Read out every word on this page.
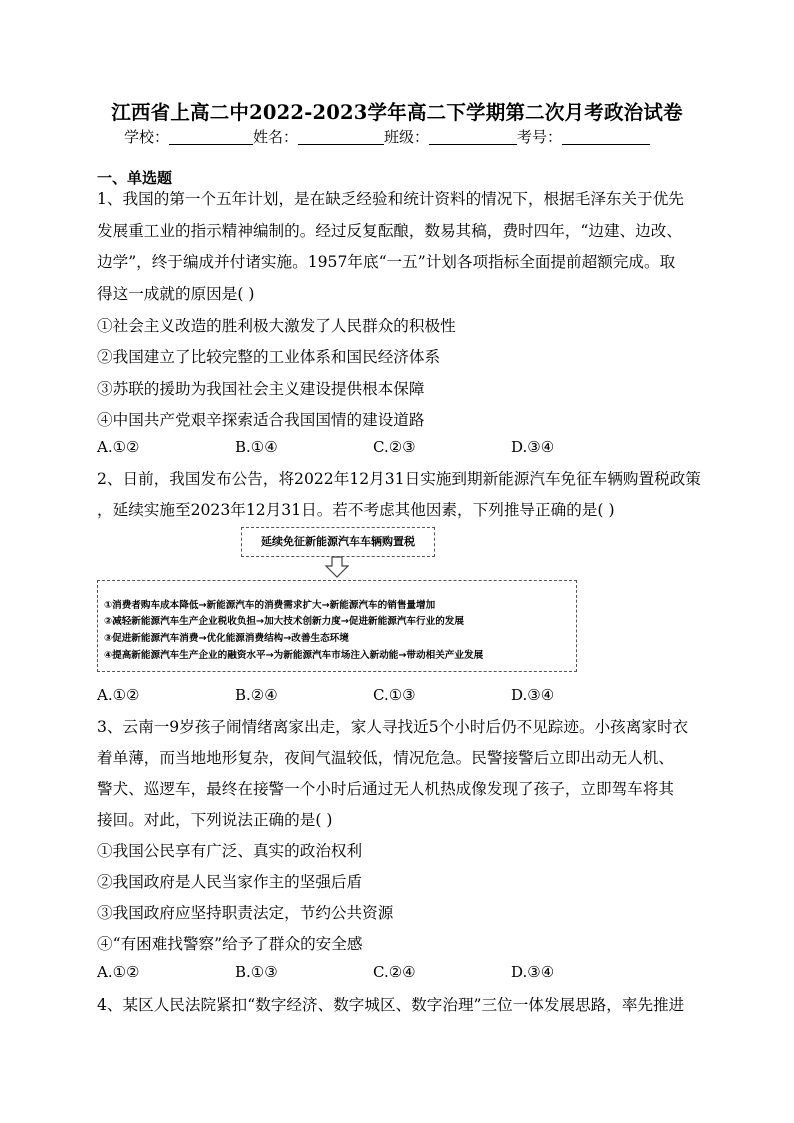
江西省上高二中2022-2023学年高二下学期第二次月考政治试卷
学校：	姓名：	班级：	考号：
一、单选题
1、我国的第一个五年计划，是在缺乏经验和统计资料的情况下，根据毛泽东关于优先
发展重工业的指示精神编制的。经过反复酝酿，数易其稿，费时四年，“边建、边改、
边学”，终于编成并付诸实施。1957年底“一五”计划各项指标全面提前超额完成。取
得这一成就的原因是( )
①社会主义改造的胜利极大激发了人民群众的积极性
②我国建立了比较完整的工业体系和国民经济体系
③苏联的援助为我国社会主义建设提供根本保障
④中国共产党艰辛探索适合我国国情的建设道路
A.①②	B.①④	C.②③	D.③④
2、日前，我国发布公告，将2022年12月31日实施到期新能源汽车免征车辆购置税政策
，延续实施至2023年12月31日。若不考虑其他因素，下列推导正确的是( )
延续免征新能源汽车车辆购置税
①消费者购车成本降低→新能源汽车的消费需求扩大→新能源汽车的销售量增加
②减轻新能源汽车生产企业税收负担→加大技术创新力度→促进新能源汽车行业的发展
③促进新能源汽车消费→优化能源消费结构→改善生态环境
④提高新能源汽车生产企业的融资水平→为新能源汽车市场注入新动能→带动相关产业发展
A.①②	B.②④	C.①③	D.③④
3、云南一9岁孩子闹情绪离家出走，家人寻找近5个小时后仍不见踪迹。小孩离家时衣
着单薄，而当地地形复杂，夜间气温较低，情况危急。民警接警后立即出动无人机、
警犬、巡逻车，最终在接警一个小时后通过无人机热成像发现了孩子，立即驾车将其
接回。对此，下列说法正确的是( )
①我国公民享有广泛、真实的政治权利
②我国政府是人民当家作主的坚强后盾
③我国政府应坚持职责法定，节约公共资源
④“有困难找警察”给予了群众的安全感
A.①②	B.①③	C.②④	D.③④
4、某区人民法院紧扣“数字经济、数字城区、数字治理”三位一体发展思路，率先推进
